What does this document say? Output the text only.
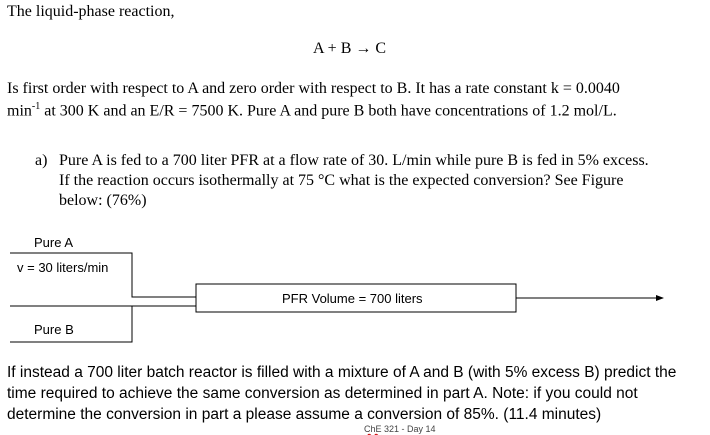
The liquid-phase reaction,
A + B → C
Is first order with respect to A and zero order with respect to B. It has a rate constant k = 0.0040
$\min^{-1}$ at 300 K and an E/R = 7500 K. Pure A and pure B both have concentrations of 1.2 mol/L.
a) Pure A is fed to a 700 liter PFR at a flow rate of 30. L/min while pure B is fed in 5% excess.
If the reaction occurs isothermally at 75 °C what is the expected conversion? See Figure
below: (76%)
Pure A
v = 30 liters/min
Pure B
PFR Volume = 700 liters
If instead a 700 liter batch reactor is filled with a mixture of A and B (with 5% excess B) predict the
time required to achieve the same conversion as determined in part A. Note: if you could not
determine the conversion in part a please assume a conversion of 85%. (11.4 minutes)
ChE 321 - Day 14
